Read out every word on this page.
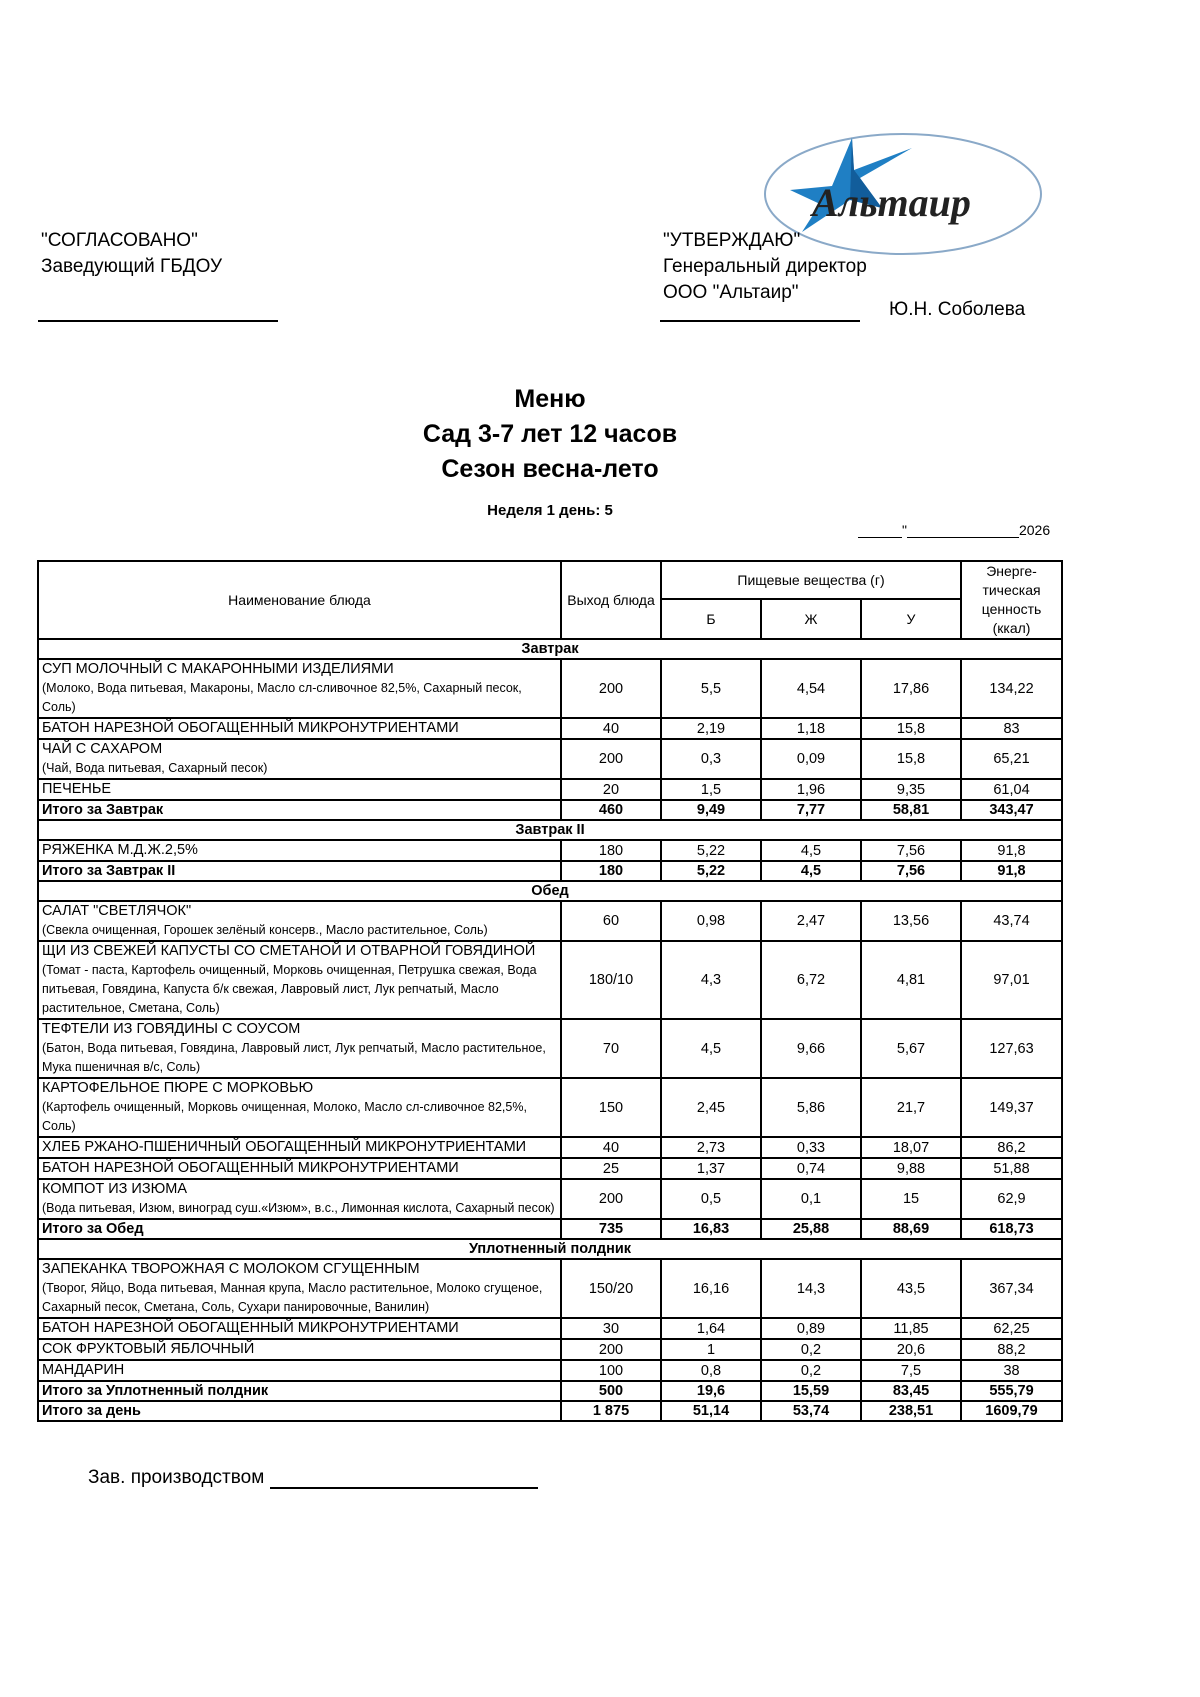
Альтаир
"СОГЛАСОВАНО"
Заведующий ГБДОУ
"УТВЕРЖДАЮ"
Генеральный директор
ООО "Альтаир"
Ю.Н. Соболева
Меню
Сад 3-7 лет 12 часов
Сезон весна-лето
Неделя 1 день: 5
"	2026
Наименование блюда	Выход блюда	Пищевые вещества (г)			Энерге-тическая ценность (ккал)
		Б	Ж	У	
Завтрак					

СУП МОЛОЧНЫЙ С МАКАРОННЫМИ ИЗДЕЛИЯМИ
(Молоко, Вода питьевая, Макароны, Масло сл-сливочное 82,5%, Сахарный песок, Соль)	200	5,5	4,54	17,86	134,22

БАТОН НАРЕЗНОЙ ОБОГАЩЕННЫЙ МИКРОНУТРИЕНТАМИ	40	2,19	1,18	15,8	83

ЧАЙ С САХАРОМ
(Чай, Вода питьевая, Сахарный песок)	200	0,3	0,09	15,8	65,21

ПЕЧЕНЬЕ	20	1,5	1,96	9,35	61,04
Итого за Завтрак	460	9,49	7,77	58,81	343,47
Завтрак II					

РЯЖЕНКА М.Д.Ж.2,5%	180	5,22	4,5	7,56	91,8
Итого за Завтрак II	180	5,22	4,5	7,56	91,8
Обед					

САЛАТ "СВЕТЛЯЧОК"
(Свекла очищенная, Горошек зелёный консерв., Масло растительное, Соль)	60	0,98	2,47	13,56	43,74

ЩИ ИЗ СВЕЖЕЙ КАПУСТЫ СО СМЕТАНОЙ И ОТВАРНОЙ ГОВЯДИНОЙ
(Томат - паста, Картофель очищенный, Морковь очищенная, Петрушка свежая, Вода питьевая, Говядина, Капуста б/к свежая, Лавровый лист, Лук репчатый, Масло растительное, Сметана, Соль)	180/10	4,3	6,72	4,81	97,01

ТЕФТЕЛИ ИЗ ГОВЯДИНЫ С СОУСОМ
(Батон, Вода питьевая, Говядина, Лавровый лист, Лук репчатый, Масло растительное, Мука пшеничная в/с, Соль)	70	4,5	9,66	5,67	127,63

КАРТОФЕЛЬНОЕ ПЮРЕ С МОРКОВЬЮ
(Картофель очищенный, Морковь очищенная, Молоко, Масло сл-сливочное 82,5%, Соль)	150	2,45	5,86	21,7	149,37

ХЛЕБ РЖАНО-ПШЕНИЧНЫЙ ОБОГАЩЕННЫЙ МИКРОНУТРИЕНТАМИ	40	2,73	0,33	18,07	86,2

БАТОН НАРЕЗНОЙ ОБОГАЩЕННЫЙ МИКРОНУТРИЕНТАМИ	25	1,37	0,74	9,88	51,88

КОМПОТ ИЗ ИЗЮМА
(Вода питьевая, Изюм, виноград суш.«Изюм», в.с., Лимонная кислота, Сахарный песок)	200	0,5	0,1	15	62,9
Итого за Обед	735	16,83	25,88	88,69	618,73
Уплотненный полдник					

ЗАПЕКАНКА ТВОРОЖНАЯ С МОЛОКОМ СГУЩЕННЫМ
(Творог, Яйцо, Вода питьевая, Манная крупа, Масло растительное, Молоко сгущеное, Сахарный песок, Сметана, Соль, Сухари панировочные, Ванилин)	150/20	16,16	14,3	43,5	367,34

БАТОН НАРЕЗНОЙ ОБОГАЩЕННЫЙ МИКРОНУТРИЕНТАМИ	30	1,64	0,89	11,85	62,25

СОК ФРУКТОВЫЙ ЯБЛОЧНЫЙ	200	1	0,2	20,6	88,2

МАНДАРИН	100	0,8	0,2	7,5	38
Итого за Уплотненный полдник	500	19,6	15,59	83,45	555,79
Итого за день	1 875	51,14	53,74	238,51	1609,79
Зав. производством
